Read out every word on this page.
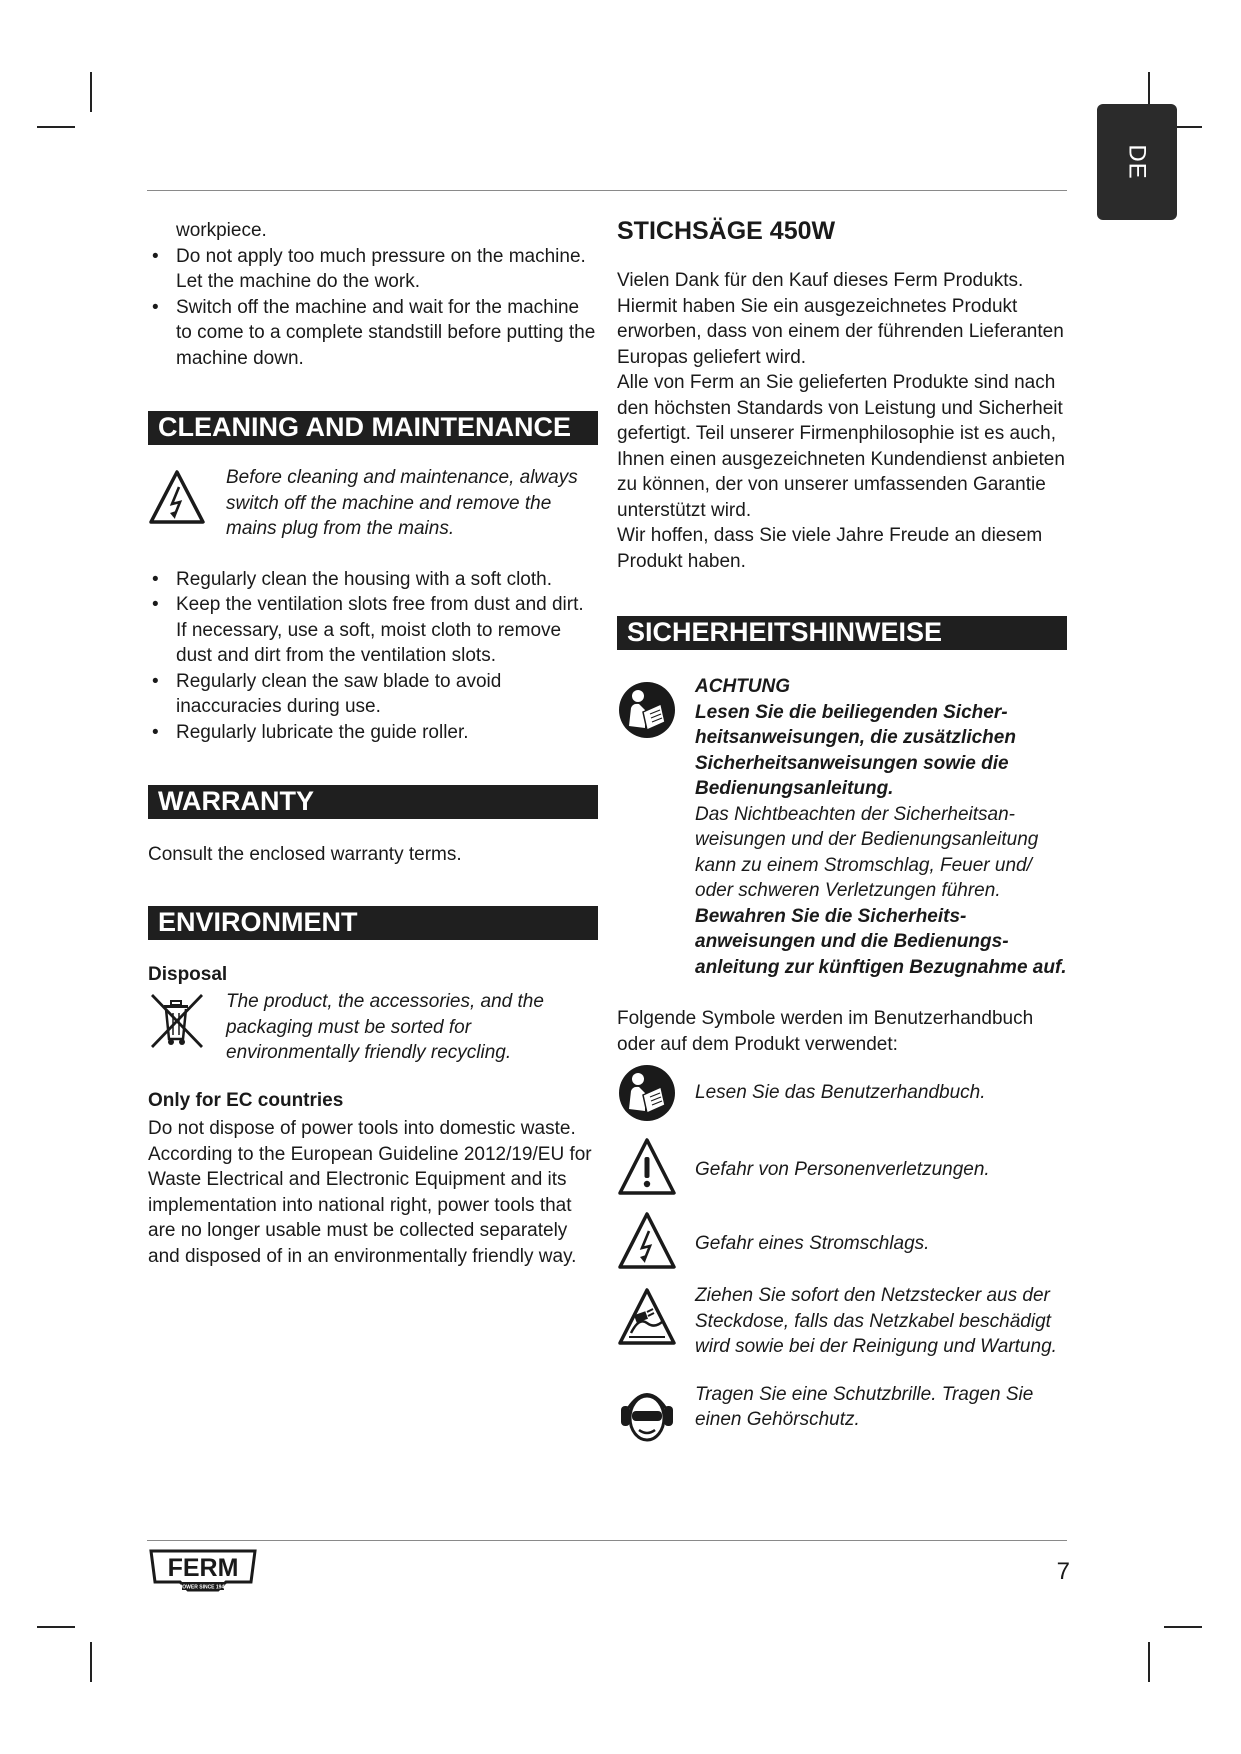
DE

workpiece.

• Do not apply too much pressure on the machine. Let the machine do the work.
• Switch off the machine and wait for the machine to come to a complete standstill before putting the machine down.
CLEANING AND MAINTENANCE

Before cleaning and maintenance, always switch off the machine and remove the mains plug from the mains.

• Regularly clean the housing with a soft cloth.
• Keep the ventilation slots free from dust and dirt. If necessary, use a soft, moist cloth to remove dust and dirt from the ventilation slots.
• Regularly clean the saw blade to avoid inaccuracies during use.
• Regularly lubricate the guide roller.
WARRANTY

Consult the enclosed warranty terms.

ENVIRONMENT

Disposal

The product, the accessories, and the packaging must be sorted for environmentally friendly recycling.

Only for EC countries

Do not dispose of power tools into domestic waste. According to the European Guideline 2012/19/EU for Waste Electrical and Electronic Equipment and its implementation into national right, power tools that are no longer usable must be collected separately and disposed of in an environmentally friendly way.

STICHSÄGE 450W

Vielen Dank für den Kauf dieses Ferm Produkts. Hiermit haben Sie ein ausgezeichnetes Produkt erworben, dass von einem der führenden Lieferanten Europas geliefert wird.

Alle von Ferm an Sie gelieferten Produkte sind nach den höchsten Standards von Leistung und Sicherheit gefertigt. Teil unserer Firmenphilosophie ist es auch, Ihnen einen ausgezeichneten Kundendienst anbieten zu können, der von unserer umfassenden Garantie unterstützt wird.

Wir hoffen, dass Sie viele Jahre Freude an diesem Produkt haben.

SICHERHEITSHINWEISE

ACHTUNG

Lesen Sie die beiliegenden Sicher-heitsanweisungen, die zusätzlichen Sicherheitsanweisungen sowie die Bedienungsanleitung.

Das Nichtbeachten der Sicherheitsan-weisungen und der Bedienungsanleitung kann zu einem Stromschlag, Feuer und/ oder schweren Verletzungen führen.

Bewahren Sie die Sicherheits-anweisungen und die Bedienungs-anleitung zur künftigen Bezugnahme auf.

Folgende Symbole werden im Benutzerhandbuch oder auf dem Produkt verwendet:

Lesen Sie das Benutzerhandbuch.

Gefahr von Personenverletzungen.

Gefahr eines Stromschlags.

Ziehen Sie sofort den Netzstecker aus der Steckdose, falls das Netzkabel beschädigt wird sowie bei der Reinigung und Wartung.

Tragen Sie eine Schutzbrille. Tragen Sie einen Gehörschutz.

FERM
POWER SINCE 1945
7
